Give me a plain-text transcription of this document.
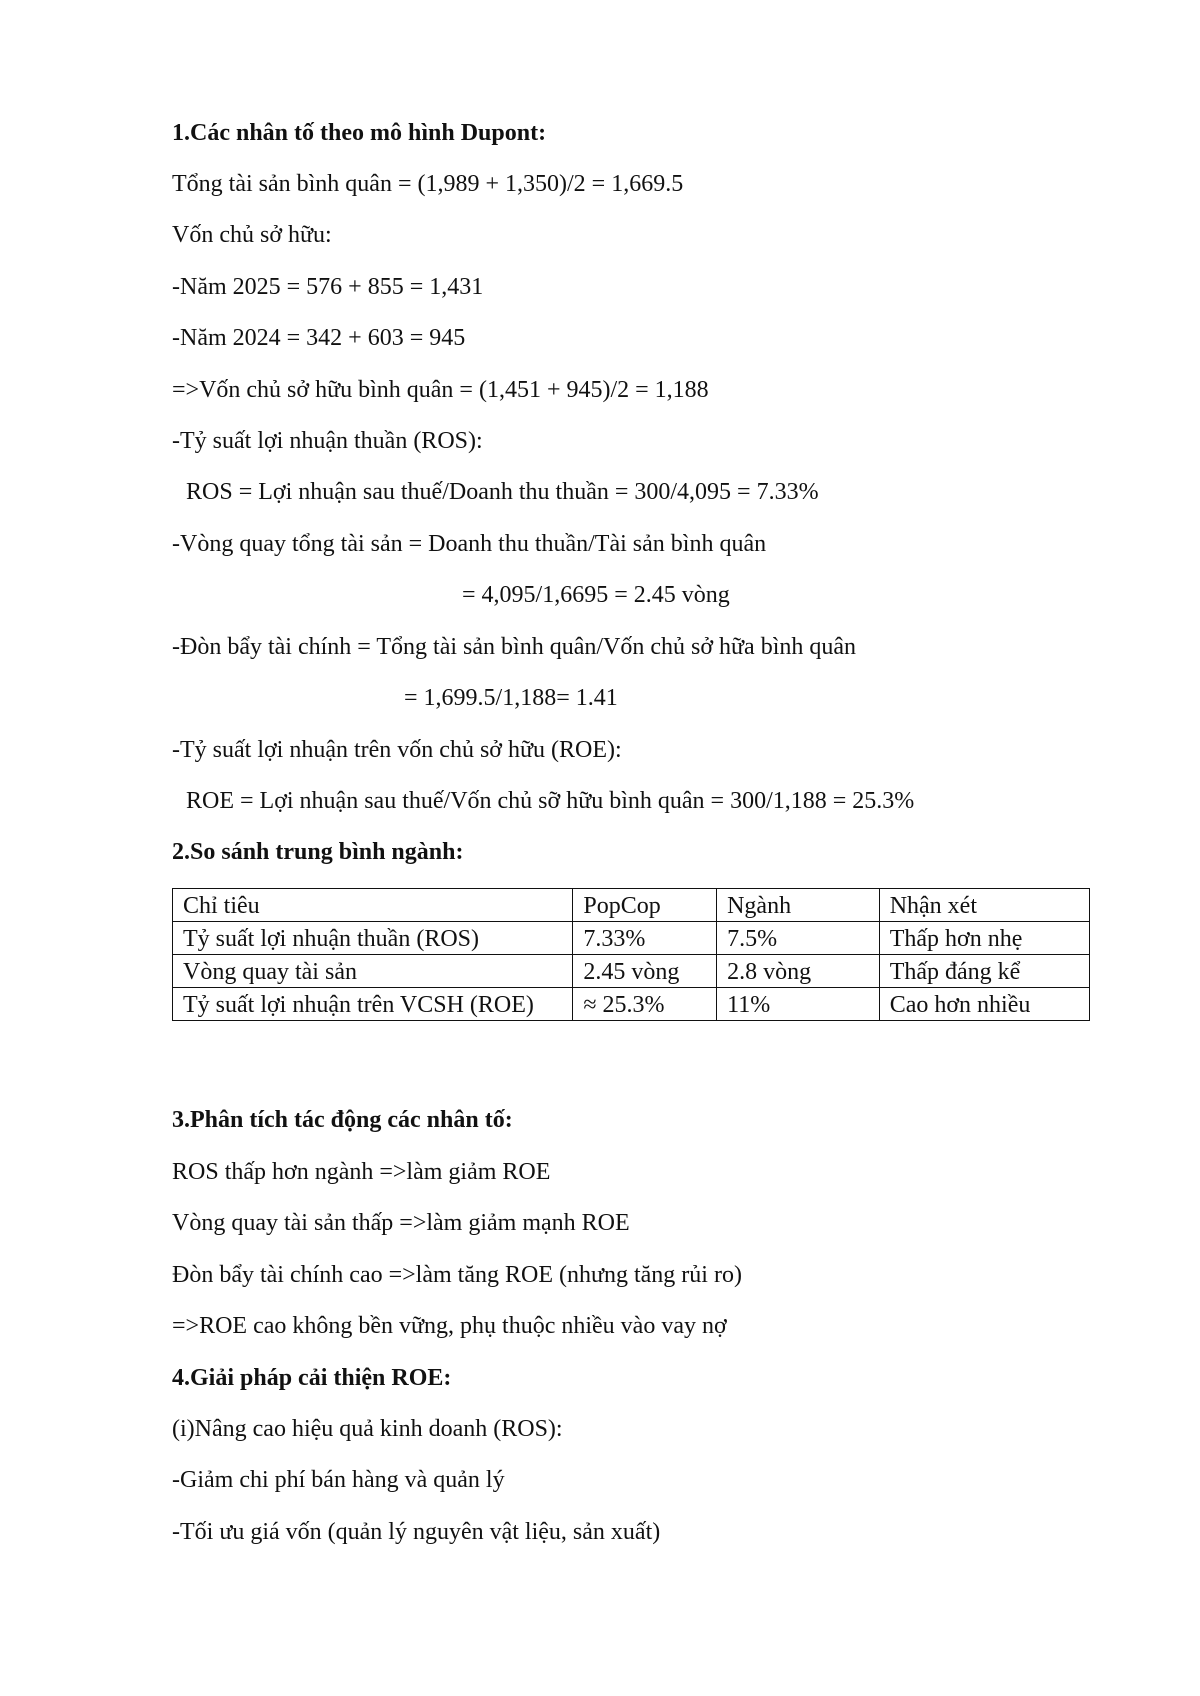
1.Các nhân tố theo mô hình Dupont:
Tổng tài sản bình quân = (1,989 + 1,350)/2 = 1,669.5
Vốn chủ sở hữu:
-Năm 2025 = 576 + 855 = 1,431
-Năm 2024 = 342 + 603 = 945
=>Vốn chủ sở hữu bình quân = (1,451 + 945)/2 = 1,188
-Tỷ suất lợi nhuận thuần (ROS):
ROS = Lợi nhuận sau thuế/Doanh thu thuần = 300/4,095 = 7.33%
-Vòng quay tổng tài sản = Doanh thu thuần/Tài sản bình quân
= 4,095/1,6695 = 2.45 vòng
-Đòn bẩy tài chính = Tổng tài sản bình quân/Vốn chủ sở hữa bình quân
= 1,699.5/1,188= 1.41
-Tỷ suất lợi nhuận trên vốn chủ sở hữu (ROE):
ROE = Lợi nhuận sau thuế/Vốn chủ sỡ hữu bình quân = 300/1,188 = 25.3%
2.So sánh trung bình ngành:
Chỉ tiêu	PopCop	Ngành	Nhận xét
Tỷ suất lợi nhuận thuần (ROS)	7.33%	7.5%	Thấp hơn nhẹ
Vòng quay tài sản	2.45 vòng	2.8 vòng	Thấp đáng kể
Tỷ suất lợi nhuận trên VCSH (ROE)	≈ 25.3%	11%	Cao hơn nhiều
3.Phân tích tác động các nhân tố:
ROS thấp hơn ngành =>làm giảm ROE
Vòng quay tài sản thấp =>làm giảm mạnh ROE
Đòn bẩy tài chính cao =>làm tăng ROE (nhưng tăng rủi ro)
=>ROE cao không bền vững, phụ thuộc nhiều vào vay nợ
4.Giải pháp cải thiện ROE:
(i)Nâng cao hiệu quả kinh doanh (ROS):
-Giảm chi phí bán hàng và quản lý
-Tối ưu giá vốn (quản lý nguyên vật liệu, sản xuất)
